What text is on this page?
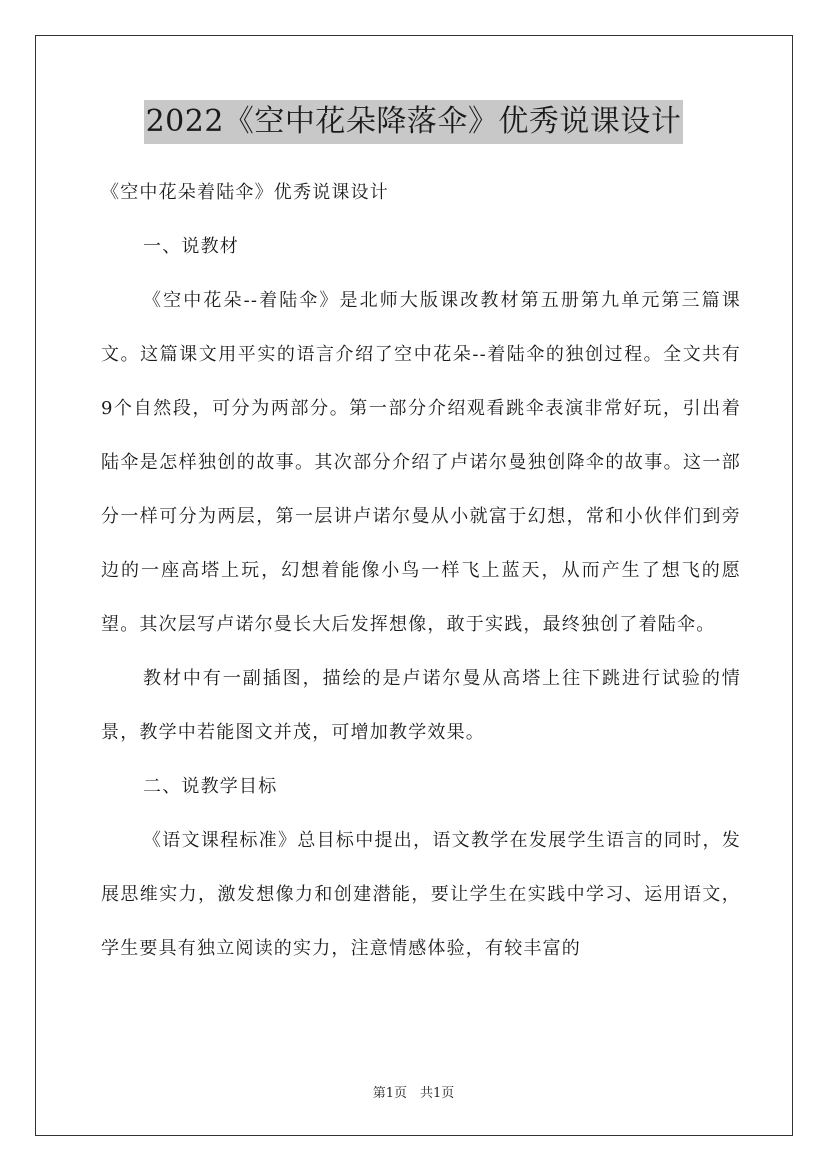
2022《空中花朵降落伞》优秀说课设计

《空中花朵着陆伞》优秀说课设计

一、说教材

《空中花朵--着陆伞》是北师大版课改教材第五册第九单元第三篇课文。这篇课文用平实的语言介绍了空中花朵--着陆伞的独创过程。全文共有9个自然段，可分为两部分。第一部分介绍观看跳伞表演非常好玩，引出着陆伞是怎样独创的故事。其次部分介绍了卢诺尔曼独创降伞的故事。这一部分一样可分为两层，第一层讲卢诺尔曼从小就富于幻想，常和小伙伴们到旁边的一座高塔上玩，幻想着能像小鸟一样飞上蓝天，从而产生了想飞的愿望。其次层写卢诺尔曼长大后发挥想像，敢于实践，最终独创了着陆伞。

教材中有一副插图，描绘的是卢诺尔曼从高塔上往下跳进行试验的情景，教学中若能图文并茂，可增加教学效果。

二、说教学目标

《语文课程标准》总目标中提出，语文教学在发展学生语言的同时，发展思维实力，激发想像力和创建潜能，要让学生在实践中学习、运用语文，学生要具有独立阅读的实力，注意情感体验，有较丰富的

第1页　共1页
